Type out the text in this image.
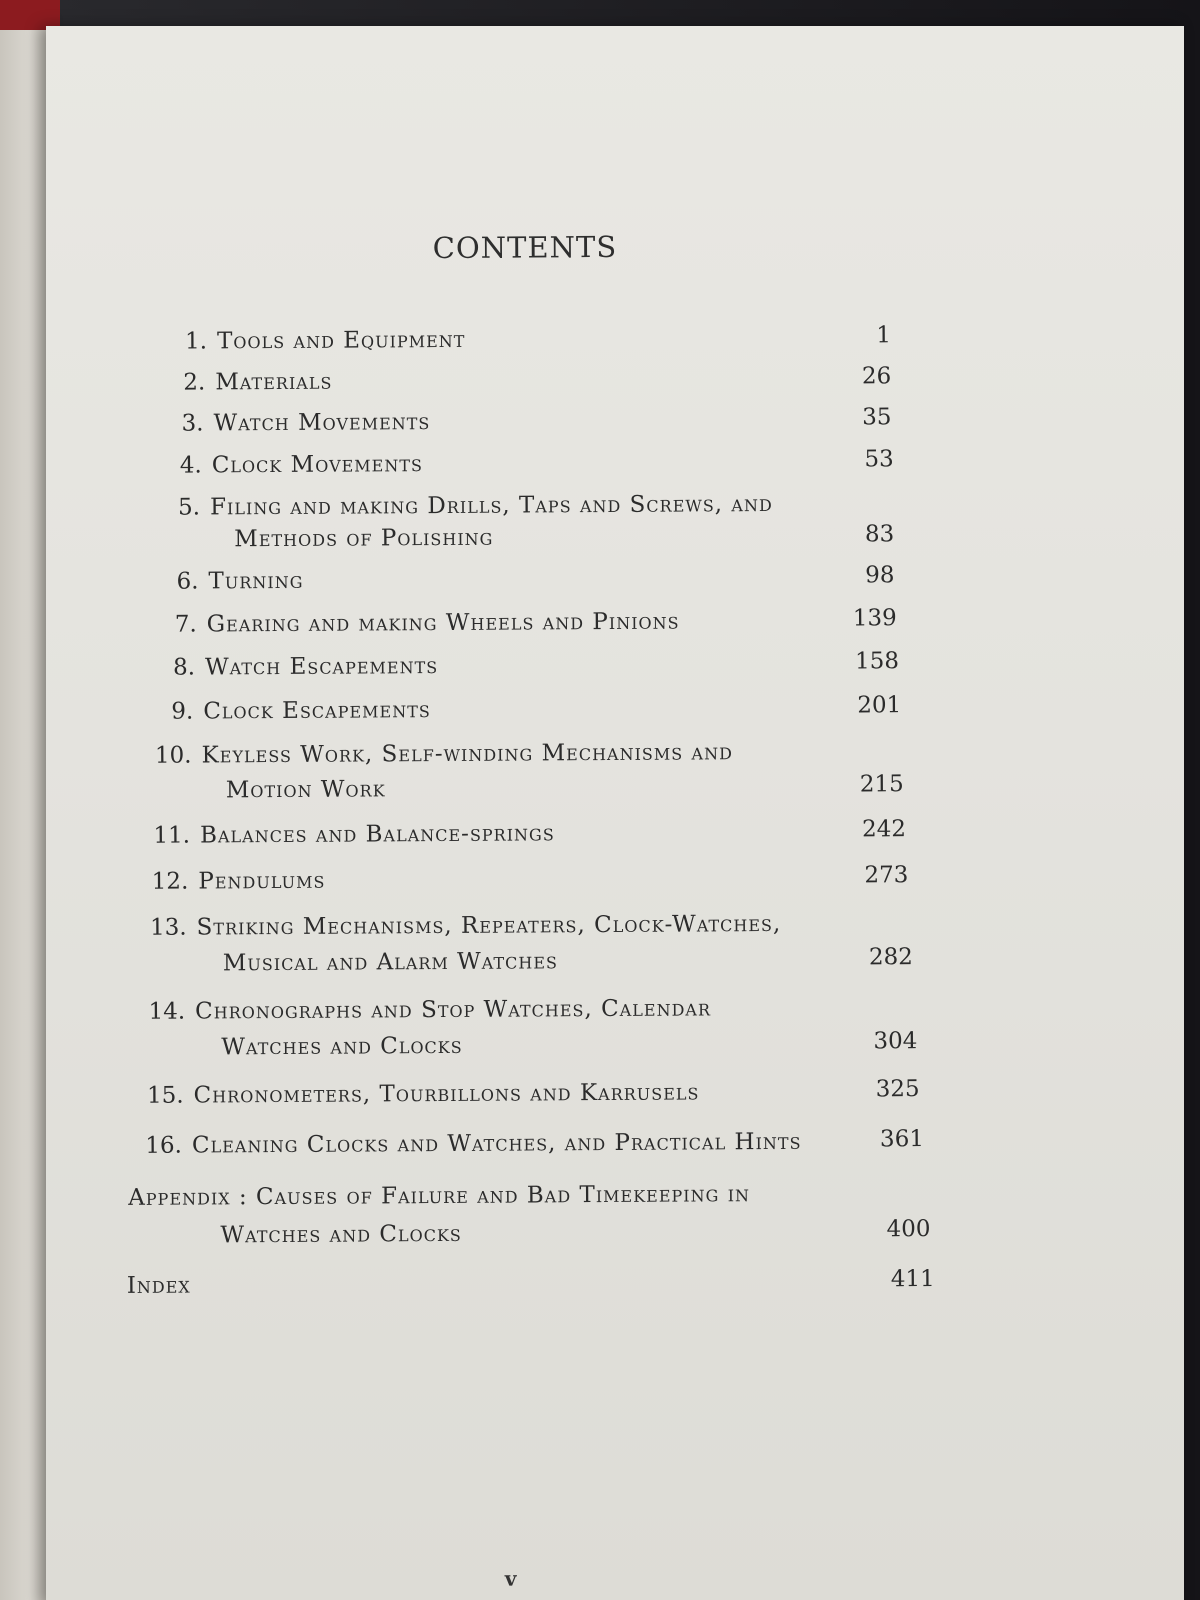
CONTENTS
1. Tools and Equipment	1
2. Materials	26
3. Watch Movements	35
4. Clock Movements	53
5. Filing and making Drills, Taps and Screws, and
Methods of Polishing	83
6. Turning	98
7. Gearing and making Wheels and Pinions	139
8. Watch Escapements	158
9. Clock Escapements	201
10. Keyless Work, Self-winding Mechanisms and
Motion Work	215
11. Balances and Balance-springs	242
12. Pendulums	273
13. Striking Mechanisms, Repeaters, Clock-Watches,
Musical and Alarm Watches	282
14. Chronographs and Stop Watches, Calendar
Watches and Clocks	304
15. Chronometers, Tourbillons and Karrusels	325
16. Cleaning Clocks and Watches, and Practical Hints	361
Appendix : Causes of Failure and Bad Timekeeping in
Watches and Clocks	400
Index	411
v
